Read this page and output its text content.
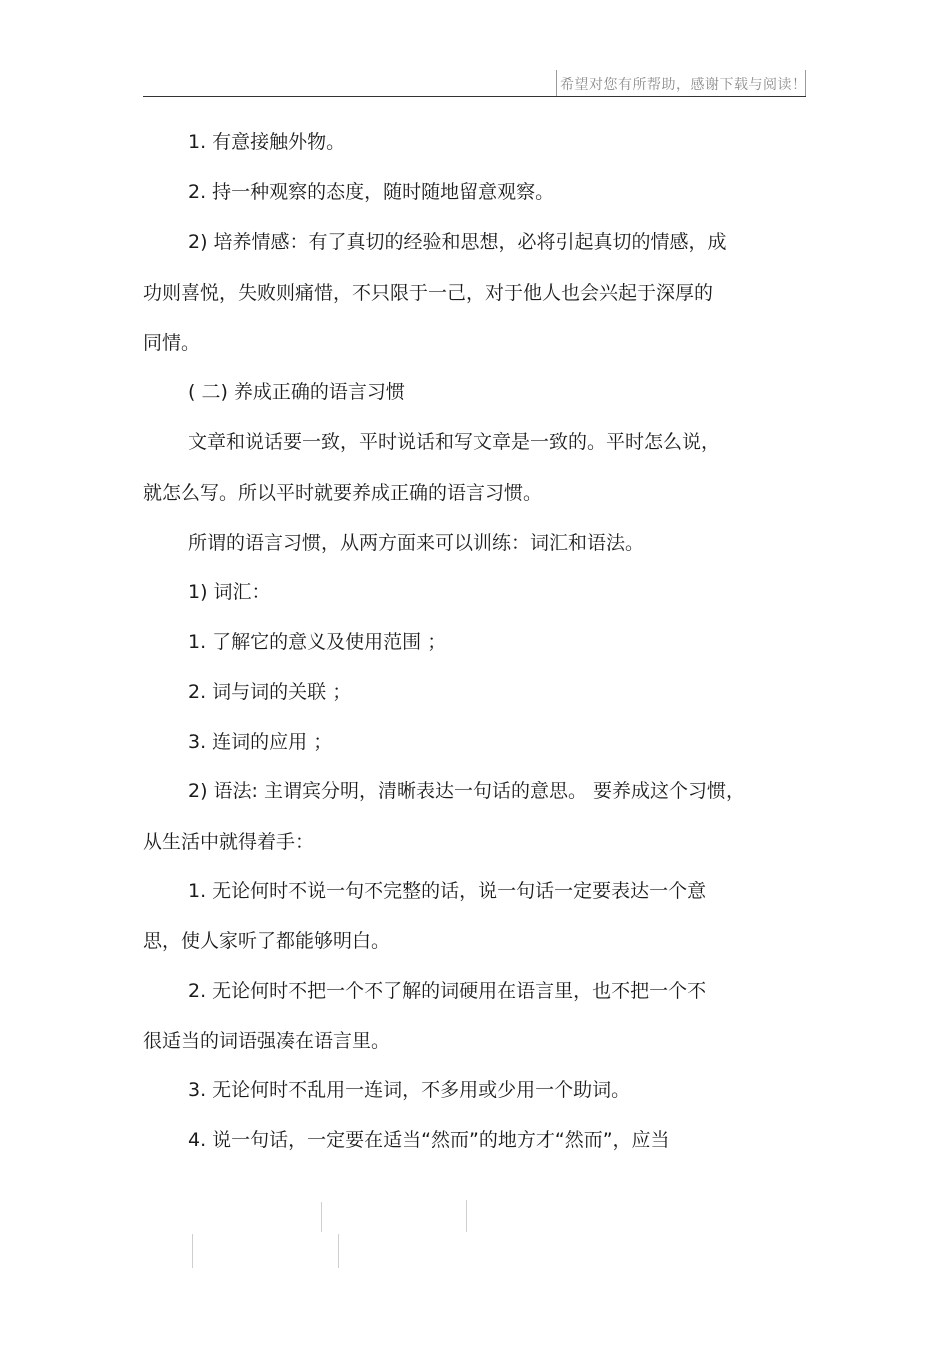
希望对您有所帮助，感谢下载与阅读！
1. 有意接触外物。
2. 持一种观察的态度，随时随地留意观察。
2) 培养情感：有了真切的经验和思想，必将引起真切的情感，成
功则喜悦，失败则痛惜，不只限于一己，对于他人也会兴起于深厚的
同情。
( 二) 养成正确的语言习惯
文章和说话要一致，平时说话和写文章是一致的。平时怎么说，
就怎么写。所以平时就要养成正确的语言习惯。
所谓的语言习惯，从两方面来可以训练：词汇和语法。
1) 词汇：
1. 了解它的意义及使用范围 ；
2. 词与词的关联 ；
3. 连词的应用 ；
2) 语法: 主谓宾分明，清晰表达一句话的意思。 要养成这个习惯，
从生活中就得着手：
1. 无论何时不说一句不完整的话，说一句话一定要表达一个意
思，使人家听了都能够明白。
2. 无论何时不把一个不了解的词硬用在语言里，也不把一个不
很适当的词语强凑在语言里。
3. 无论何时不乱用一连词，不多用或少用一个助词。
4. 说一句话，一定要在适当“然而”的地方才“然而”，应当
